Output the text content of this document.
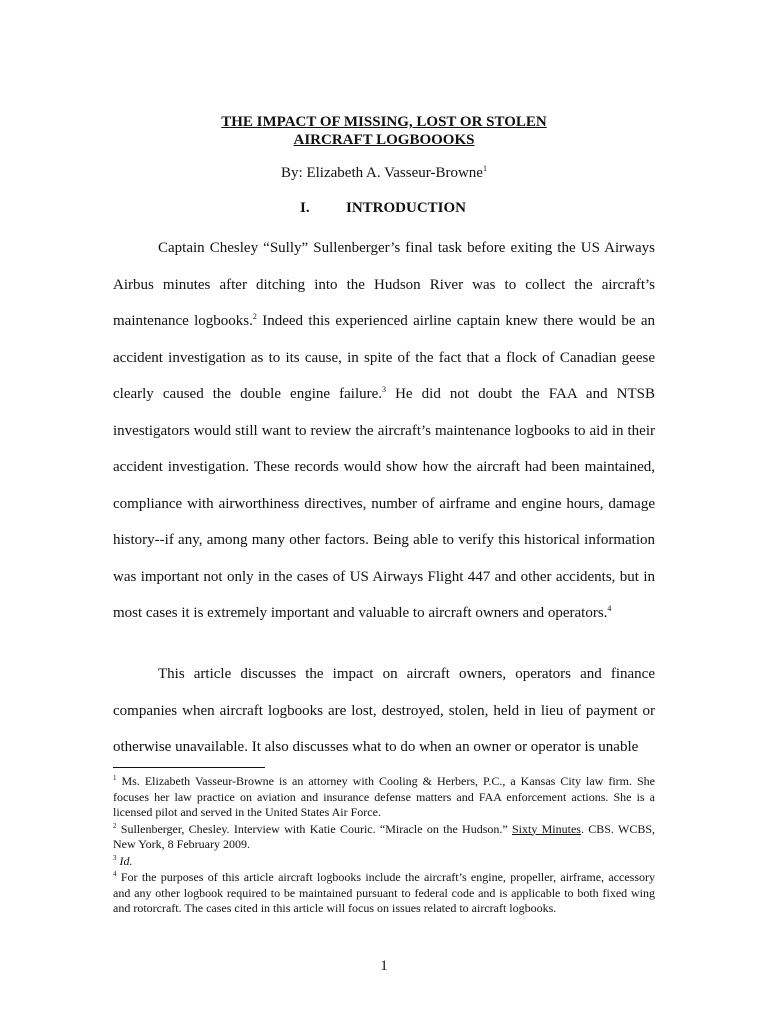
THE IMPACT OF MISSING, LOST OR STOLEN
AIRCRAFT LOGBOOOKS
By: Elizabeth A. Vasseur-Browne$^1$
I. INTRODUCTION

Captain Chesley “Sully” Sullenberger’s final task before exiting the US Airways Airbus minutes after ditching into the Hudson River was to collect the aircraft’s maintenance logbooks.$^2$ Indeed this experienced airline captain knew there would be an accident investigation as to its cause, in spite of the fact that a flock of Canadian geese clearly caused the double engine failure.$^3$ He did not doubt the FAA and NTSB investigators would still want to review the aircraft’s maintenance logbooks to aid in their accident investigation. These records would show how the aircraft had been maintained, compliance with airworthiness directives, number of airframe and engine hours, damage history--if any, among many other factors. Being able to verify this historical information was important not only in the cases of US Airways Flight 447 and other accidents, but in most cases it is extremely important and valuable to aircraft owners and operators.$^4$

This article discusses the impact on aircraft owners, operators and finance companies when aircraft logbooks are lost, destroyed, stolen, held in lieu of payment or otherwise unavailable. It also discusses what to do when an owner or operator is unable

$^1$ Ms. Elizabeth Vasseur-Browne is an attorney with Cooling & Herbers, P.C., a Kansas City law firm. She focuses her law practice on aviation and insurance defense matters and FAA enforcement actions. She is a licensed pilot and served in the United States Air Force.

$^2$ Sullenberger, Chesley. Interview with Katie Couric. “Miracle on the Hudson.” Sixty Minutes. CBS. WCBS, New York, 8 February 2009.

$^3$ Id.

$^4$ For the purposes of this article aircraft logbooks include the aircraft’s engine, propeller, airframe, accessory and any other logbook required to be maintained pursuant to federal code and is applicable to both fixed wing and rotorcraft. The cases cited in this article will focus on issues related to aircraft logbooks.

1
